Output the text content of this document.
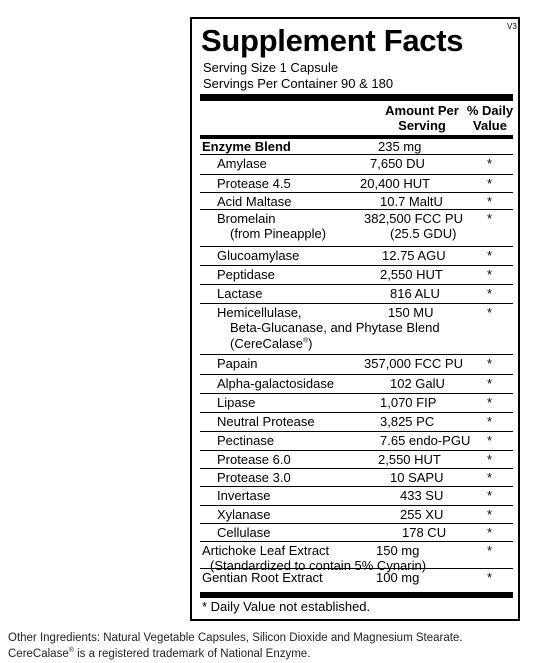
Supplement Facts	V3
Serving Size 1 Capsule
Servings Per Container 90 & 180
Amount Per
Serving
% Daily
Value
Enzyme Blend	235 mg
Amylase	7,650 DU	*
Protease 4.5	20,400 HUT	*
Acid Maltase	10.7 MaltU	*
Bromelain	382,500 FCC PU *
(from Pineapple)	(25.5 GDU)
Glucoamylase	12.75 AGU	*
Peptidase	2,550 HUT	*
Lactase	816 ALU	*
Hemicellulase,	150 MU	*
Beta-Glucanase, and Phytase Blend
(CereCalase®)
Papain	357,000 FCC PU *
Alpha-galactosidase	102 GalU	*
Lipase	1,070 FIP	*
Neutral Protease	3,825 PC	*
Pectinase	7.65 endo-PGU *
Protease 6.0	2,550 HUT	*
Protease 3.0	10 SAPU	*
Invertase	433 SU	*
Xylanase	255 XU	*
Cellulase	178 CU	*
Artichoke Leaf Extract	150 mg	*
(Standardized to contain 5% Cynarin)
Gentian Root Extract	100 mg	*
* Daily Value not established.
Other Ingredients: Natural Vegetable Capsules, Silicon Dioxide and Magnesium Stearate.
CereCalase® is a registered trademark of National Enzyme.
